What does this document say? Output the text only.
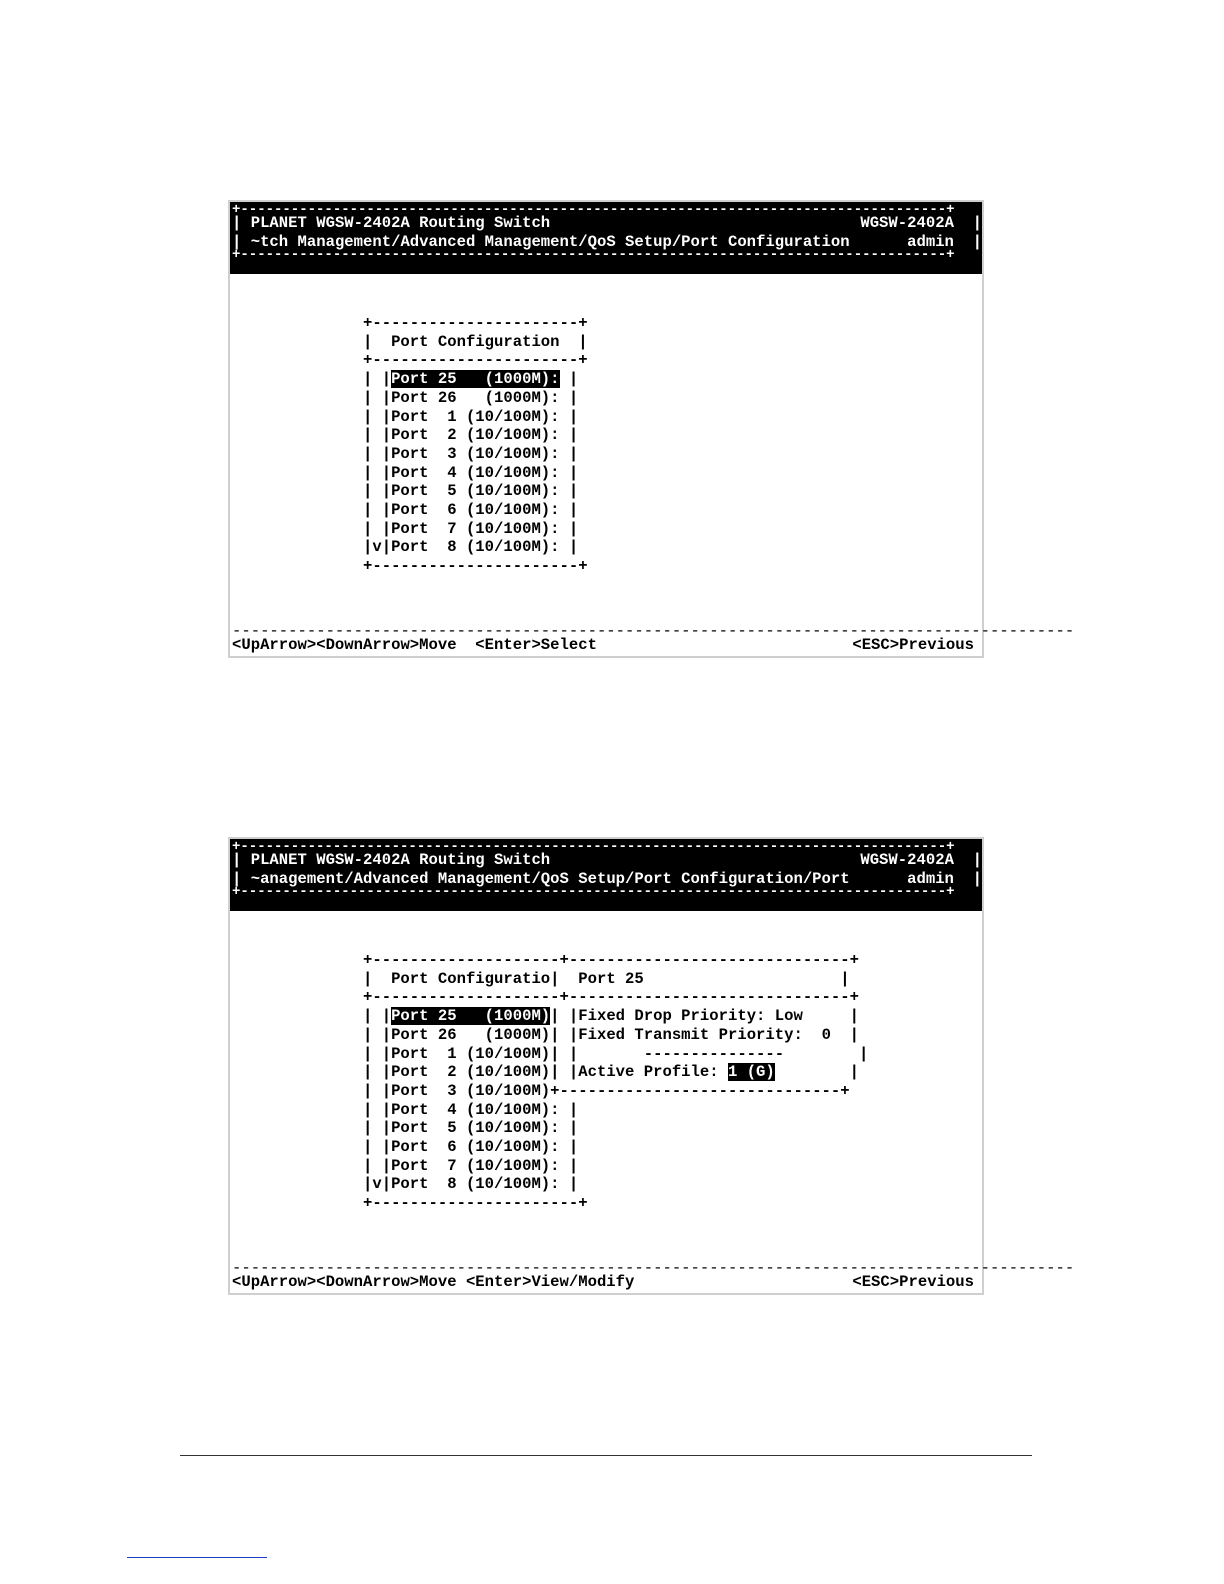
+------------------------------------------------------------------------------------+
| PLANET WGSW-2402A Routing Switch	WGSW-2402A  |
| ~tch Management/Advanced Management/QoS Setup/Port Configuration	admin  |
+------------------------------------------------------------------------------------+
+----------------------+
|  Port Configuration  |
+----------------------+
| |Port 25   (1000M): |
| |Port 26   (1000M): |
| |Port  1 (10/100M): |
| |Port  2 (10/100M): |
| |Port  3 (10/100M): |
| |Port  4 (10/100M): |
| |Port  5 (10/100M): |
| |Port  6 (10/100M): |
| |Port  7 (10/100M): |
|v|Port  8 (10/100M): |
+----------------------+
------------------------------------------------------------------------------------------
<UpArrow><DownArrow>Move  <Enter>Select	<ESC>Previous
+------------------------------------------------------------------------------------+
| PLANET WGSW-2402A Routing Switch	WGSW-2402A  |
| ~anagement/Advanced Management/QoS Setup/Port Configuration/Port	admin  |
+------------------------------------------------------------------------------------+
+--------------------+------------------------------+
|  Port Configuratio|  Port 25	|
+--------------------+------------------------------+
| |Port 25   (1000M)| |Fixed Drop Priority: Low	|
| |Port 26   (1000M)| |Fixed Transmit Priority: 0  |
| |Port  1 (10/100M)| |       ---------------	|
| |Port  2 (10/100M)| |Active Profile: 1 (G)	|
| |Port  3 (10/100M)+------------------------------+
| |Port  4 (10/100M): |
| |Port  5 (10/100M): |
| |Port  6 (10/100M): |
| |Port  7 (10/100M): |
|v|Port  8 (10/100M): |
+----------------------+
------------------------------------------------------------------------------------------
<UpArrow><DownArrow>Move <Enter>View/Modify	<ESC>Previous
